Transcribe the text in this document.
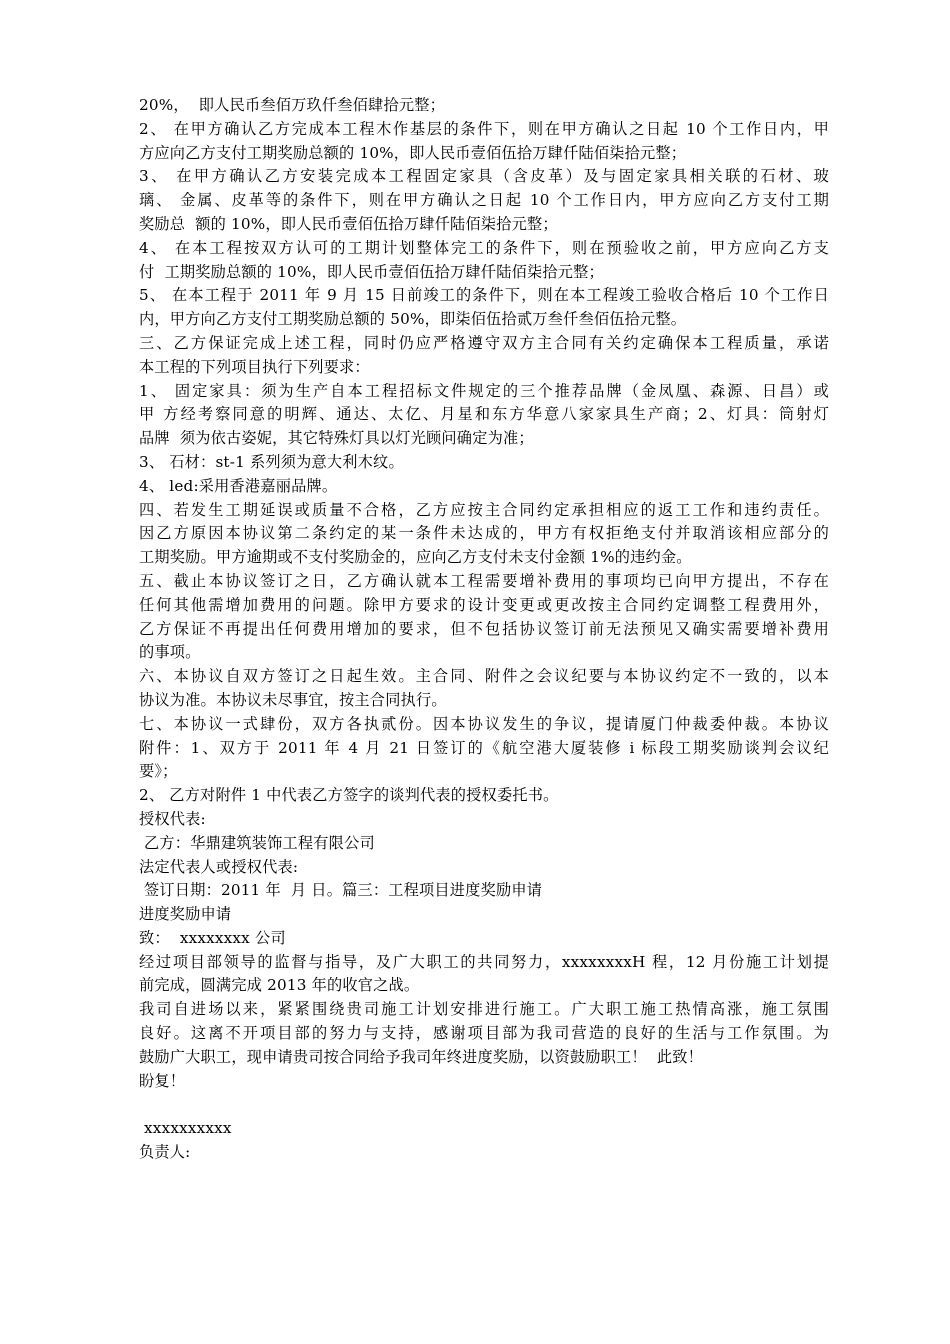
20%，  即人民币叁佰万玖仟叁佰肆拾元整；
2、 在甲方确认乙方完成本工程木作基层的条件下，则在甲方确认之日起 10 个工作日内，甲
方应向乙方支付工期奖励总额的 10%，即人民币壹佰伍拾万肆仟陆佰柒拾元整；
3、 在甲方确认乙方安装完成本工程固定家具（含皮革）及与固定家具相关联的石材、玻
璃、 金属、皮革等的条件下，则在甲方确认之日起 10 个工作日内，甲方应向乙方支付工期
奖励总  额的 10%，即人民币壹佰伍拾万肆仟陆佰柒拾元整；
4、 在本工程按双方认可的工期计划整体完工的条件下，则在预验收之前，甲方应向乙方支
付  工期奖励总额的 10%，即人民币壹佰伍拾万肆仟陆佰柒拾元整；
5、 在本工程于 2011 年 9 月 15 日前竣工的条件下，则在本工程竣工验收合格后 10 个工作日
内，甲方向乙方支付工期奖励总额的 50%，即柒佰伍拾贰万叁仟叁佰伍拾元整。
三、乙方保证完成上述工程，同时仍应严格遵守双方主合同有关约定确保本工程质量，承诺
本工程的下列项目执行下列要求：
1、 固定家具：须为生产自本工程招标文件规定的三个推荐品牌（金凤凰、森源、日昌）或
甲 方经考察同意的明辉、通达、太亿、月星和东方华意八家家具生产商；2、灯具：筒射灯
品牌  须为依古姿妮，其它特殊灯具以灯光顾问确定为准；
3、 石材：st-1 系列须为意大利木纹。
4、 led:采用香港嘉丽品牌。
四、若发生工期延误或质量不合格，乙方应按主合同约定承担相应的返工工作和违约责任。
因乙方原因本协议第二条约定的某一条件未达成的，甲方有权拒绝支付并取消该相应部分的
工期奖励。甲方逾期或不支付奖励金的，应向乙方支付未支付金额 1%的违约金。
五、截止本协议签订之日，乙方确认就本工程需要增补费用的事项均已向甲方提出，不存在
任何其他需增加费用的问题。除甲方要求的设计变更或更改按主合同约定调整工程费用外，
乙方保证不再提出任何费用增加的要求，但不包括协议签订前无法预见又确实需要增补费用
的事项。
六、本协议自双方签订之日起生效。主合同、附件之会议纪要与本协议约定不一致的，以本
协议为准。本协议未尽事宜，按主合同执行。
七、本协议一式肆份，双方各执贰份。因本协议发生的争议，提请厦门仲裁委仲裁。本协议
附件：1、双方于 2011 年 4 月 21 日签订的《航空港大厦装修 i 标段工期奖励谈判会议纪
要》；
2、 乙方对附件 1 中代表乙方签字的谈判代表的授权委托书。
授权代表:
乙方：华鼎建筑装饰工程有限公司
法定代表人或授权代表:
签订日期：2011 年  月 日。篇三：工程项目进度奖励申请
进度奖励申请
致：  xxxxxxxx 公司
经过项目部领导的监督与指导，及广大职工的共同努力，xxxxxxxxH 程，12 月份施工计划提
前完成，圆满完成 2013 年的收官之战。
我司自进场以来，紧紧围绕贵司施工计划安排进行施工。广大职工施工热情高涨，施工氛围
良好。这离不开项目部的努力与支持，感谢项目部为我司营造的良好的生活与工作氛围。为
鼓励广大职工，现申请贵司按合同给予我司年终进度奖励，以资鼓励职工！  此致！
盼复！
xxxxxxxxxx
负责人:
